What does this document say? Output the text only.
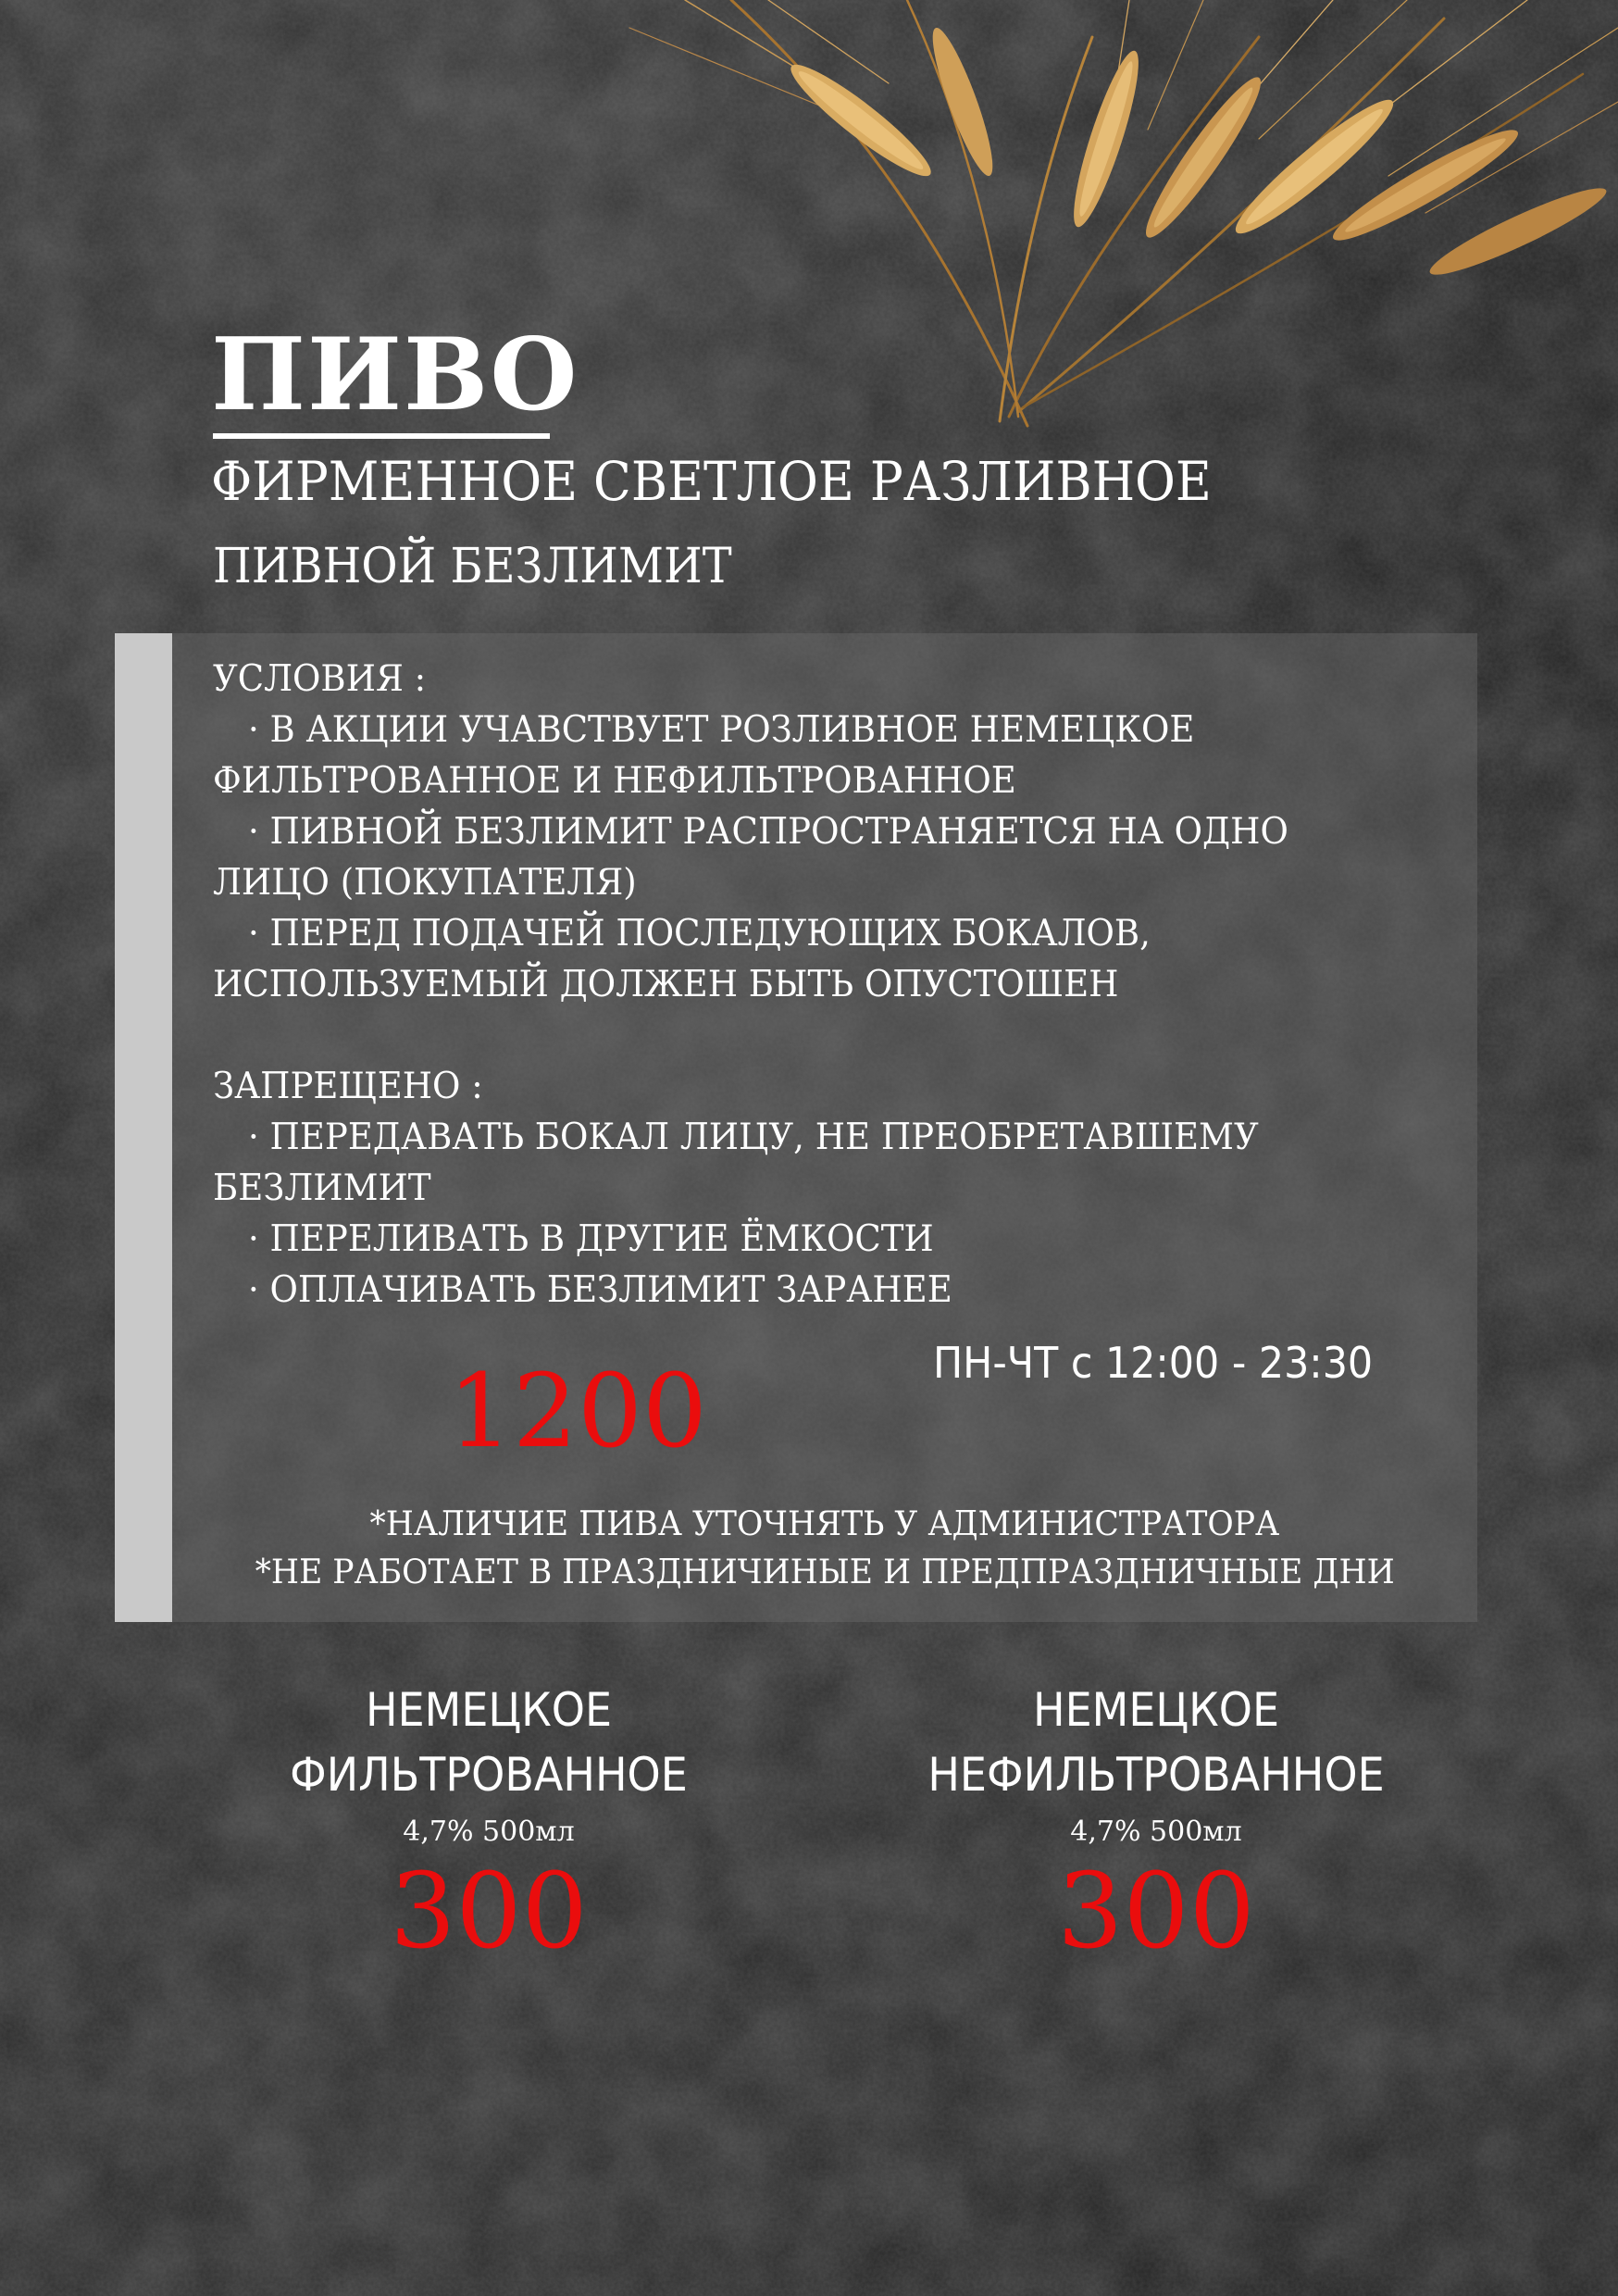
ПИВО
ФИРМЕННОЕ СВЕТЛОЕ РАЗЛИВНОЕ
ПИВНОЙ БЕЗЛИМИТ
УСЛОВИЯ :
· В АКЦИИ УЧАВСТВУЕТ РОЗЛИВНОЕ НЕМЕЦКОЕ
ФИЛЬТРОВАННОЕ И НЕФИЛЬТРОВАННОЕ
· ПИВНОЙ БЕЗЛИМИТ РАСПРОСТРАНЯЕТСЯ НА ОДНО
ЛИЦО (ПОКУПАТЕЛЯ)
· ПЕРЕД ПОДАЧЕЙ ПОСЛЕДУЮЩИХ БОКАЛОВ,
ИСПОЛЬЗУЕМЫЙ ДОЛЖЕН БЫТЬ ОПУСТОШЕН
ЗАПРЕЩЕНО :
· ПЕРЕДАВАТЬ БОКАЛ ЛИЦУ, НЕ ПРЕОБРЕТАВШЕМУ
БЕЗЛИМИТ
· ПЕРЕЛИВАТЬ В ДРУГИЕ ЁМКОСТИ
· ОПЛАЧИВАТЬ БЕЗЛИМИТ ЗАРАНЕЕ
ПН-ЧТ с 12:00 - 23:30
1200
*НАЛИЧИЕ ПИВА УТОЧНЯТЬ У АДМИНИСТРАТОРА
*НЕ РАБОТАЕТ В ПРАЗДНИЧИНЫЕ И ПРЕДПРАЗДНИЧНЫЕ ДНИ
НЕМЕЦКОЕ
ФИЛЬТРОВАННОЕ
4,7% 500мл
300
НЕМЕЦКОЕ
НЕФИЛЬТРОВАННОЕ
4,7% 500мл
300
